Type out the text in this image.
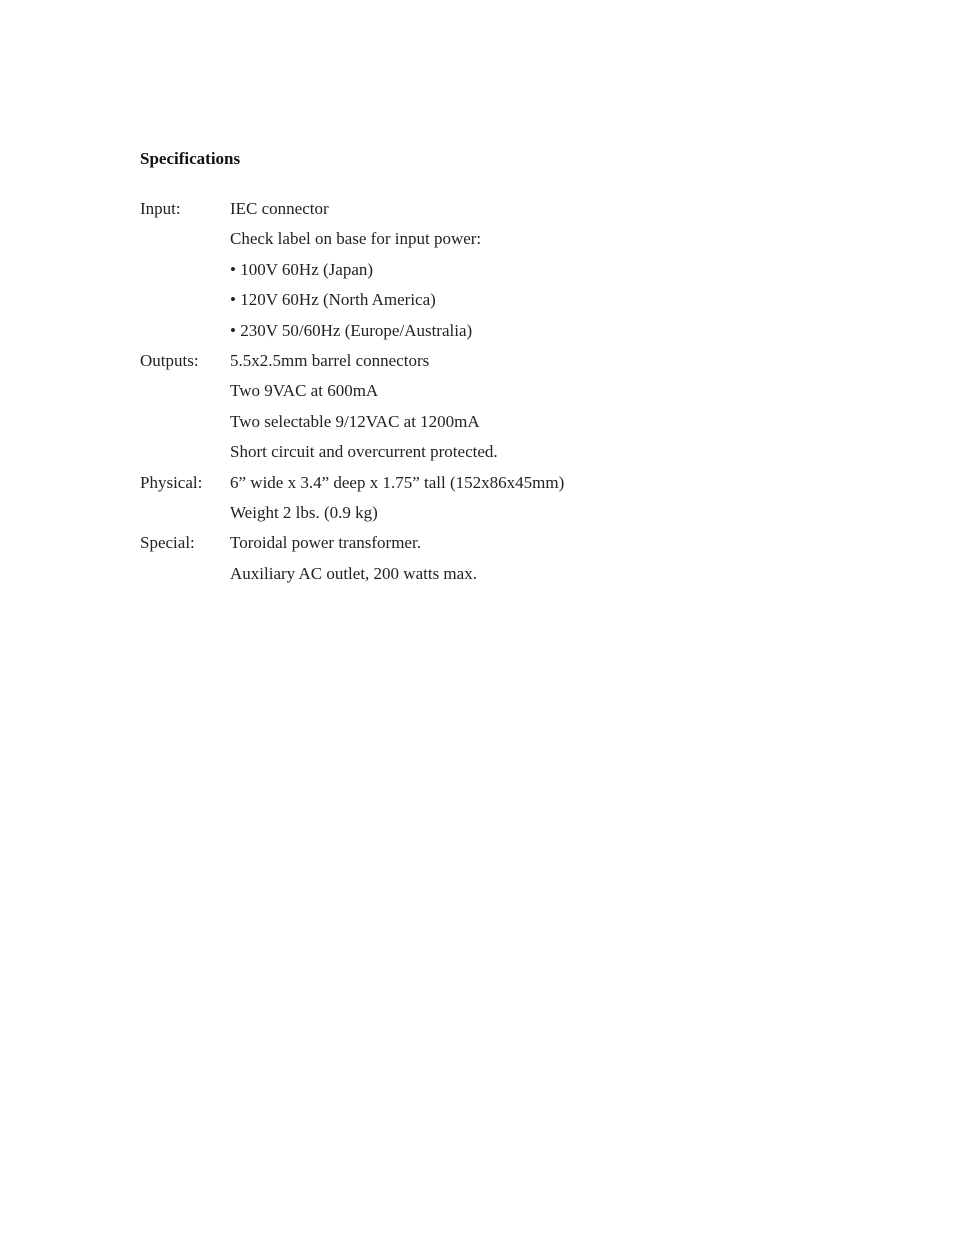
Specifications
Input:	IEC connector
Check label on base for input power:
• 100V 60Hz (Japan)
• 120V 60Hz (North America)
• 230V 50/60Hz (Europe/Australia)
Outputs:	5.5x2.5mm barrel connectors
Two 9VAC at 600mA
Two selectable 9/12VAC at 1200mA
Short circuit and overcurrent protected.
Physical:	6” wide x 3.4” deep x 1.75” tall (152x86x45mm)
Weight 2 lbs. (0.9 kg)
Special:	Toroidal power transformer.
Auxiliary AC outlet, 200 watts max.
